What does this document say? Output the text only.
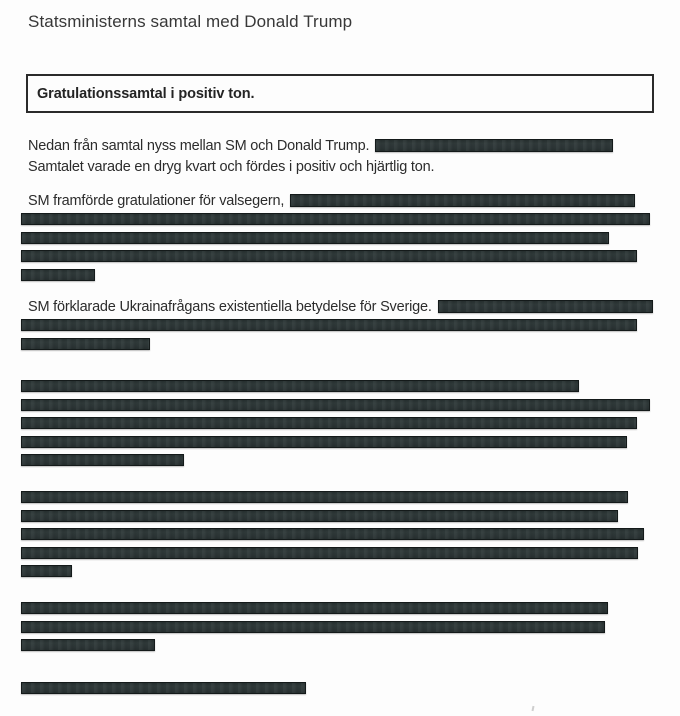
Statsministerns samtal med Donald Trump
Gratulationssamtal i positiv ton.
Nedan från samtal nyss mellan SM och Donald Trump.
Samtalet varade en dryg kvart och fördes i positiv och hjärtlig ton.
SM framförde gratulationer för valsegern,
SM förklarade Ukrainafrågans existentiella betydelse för Sverige.
